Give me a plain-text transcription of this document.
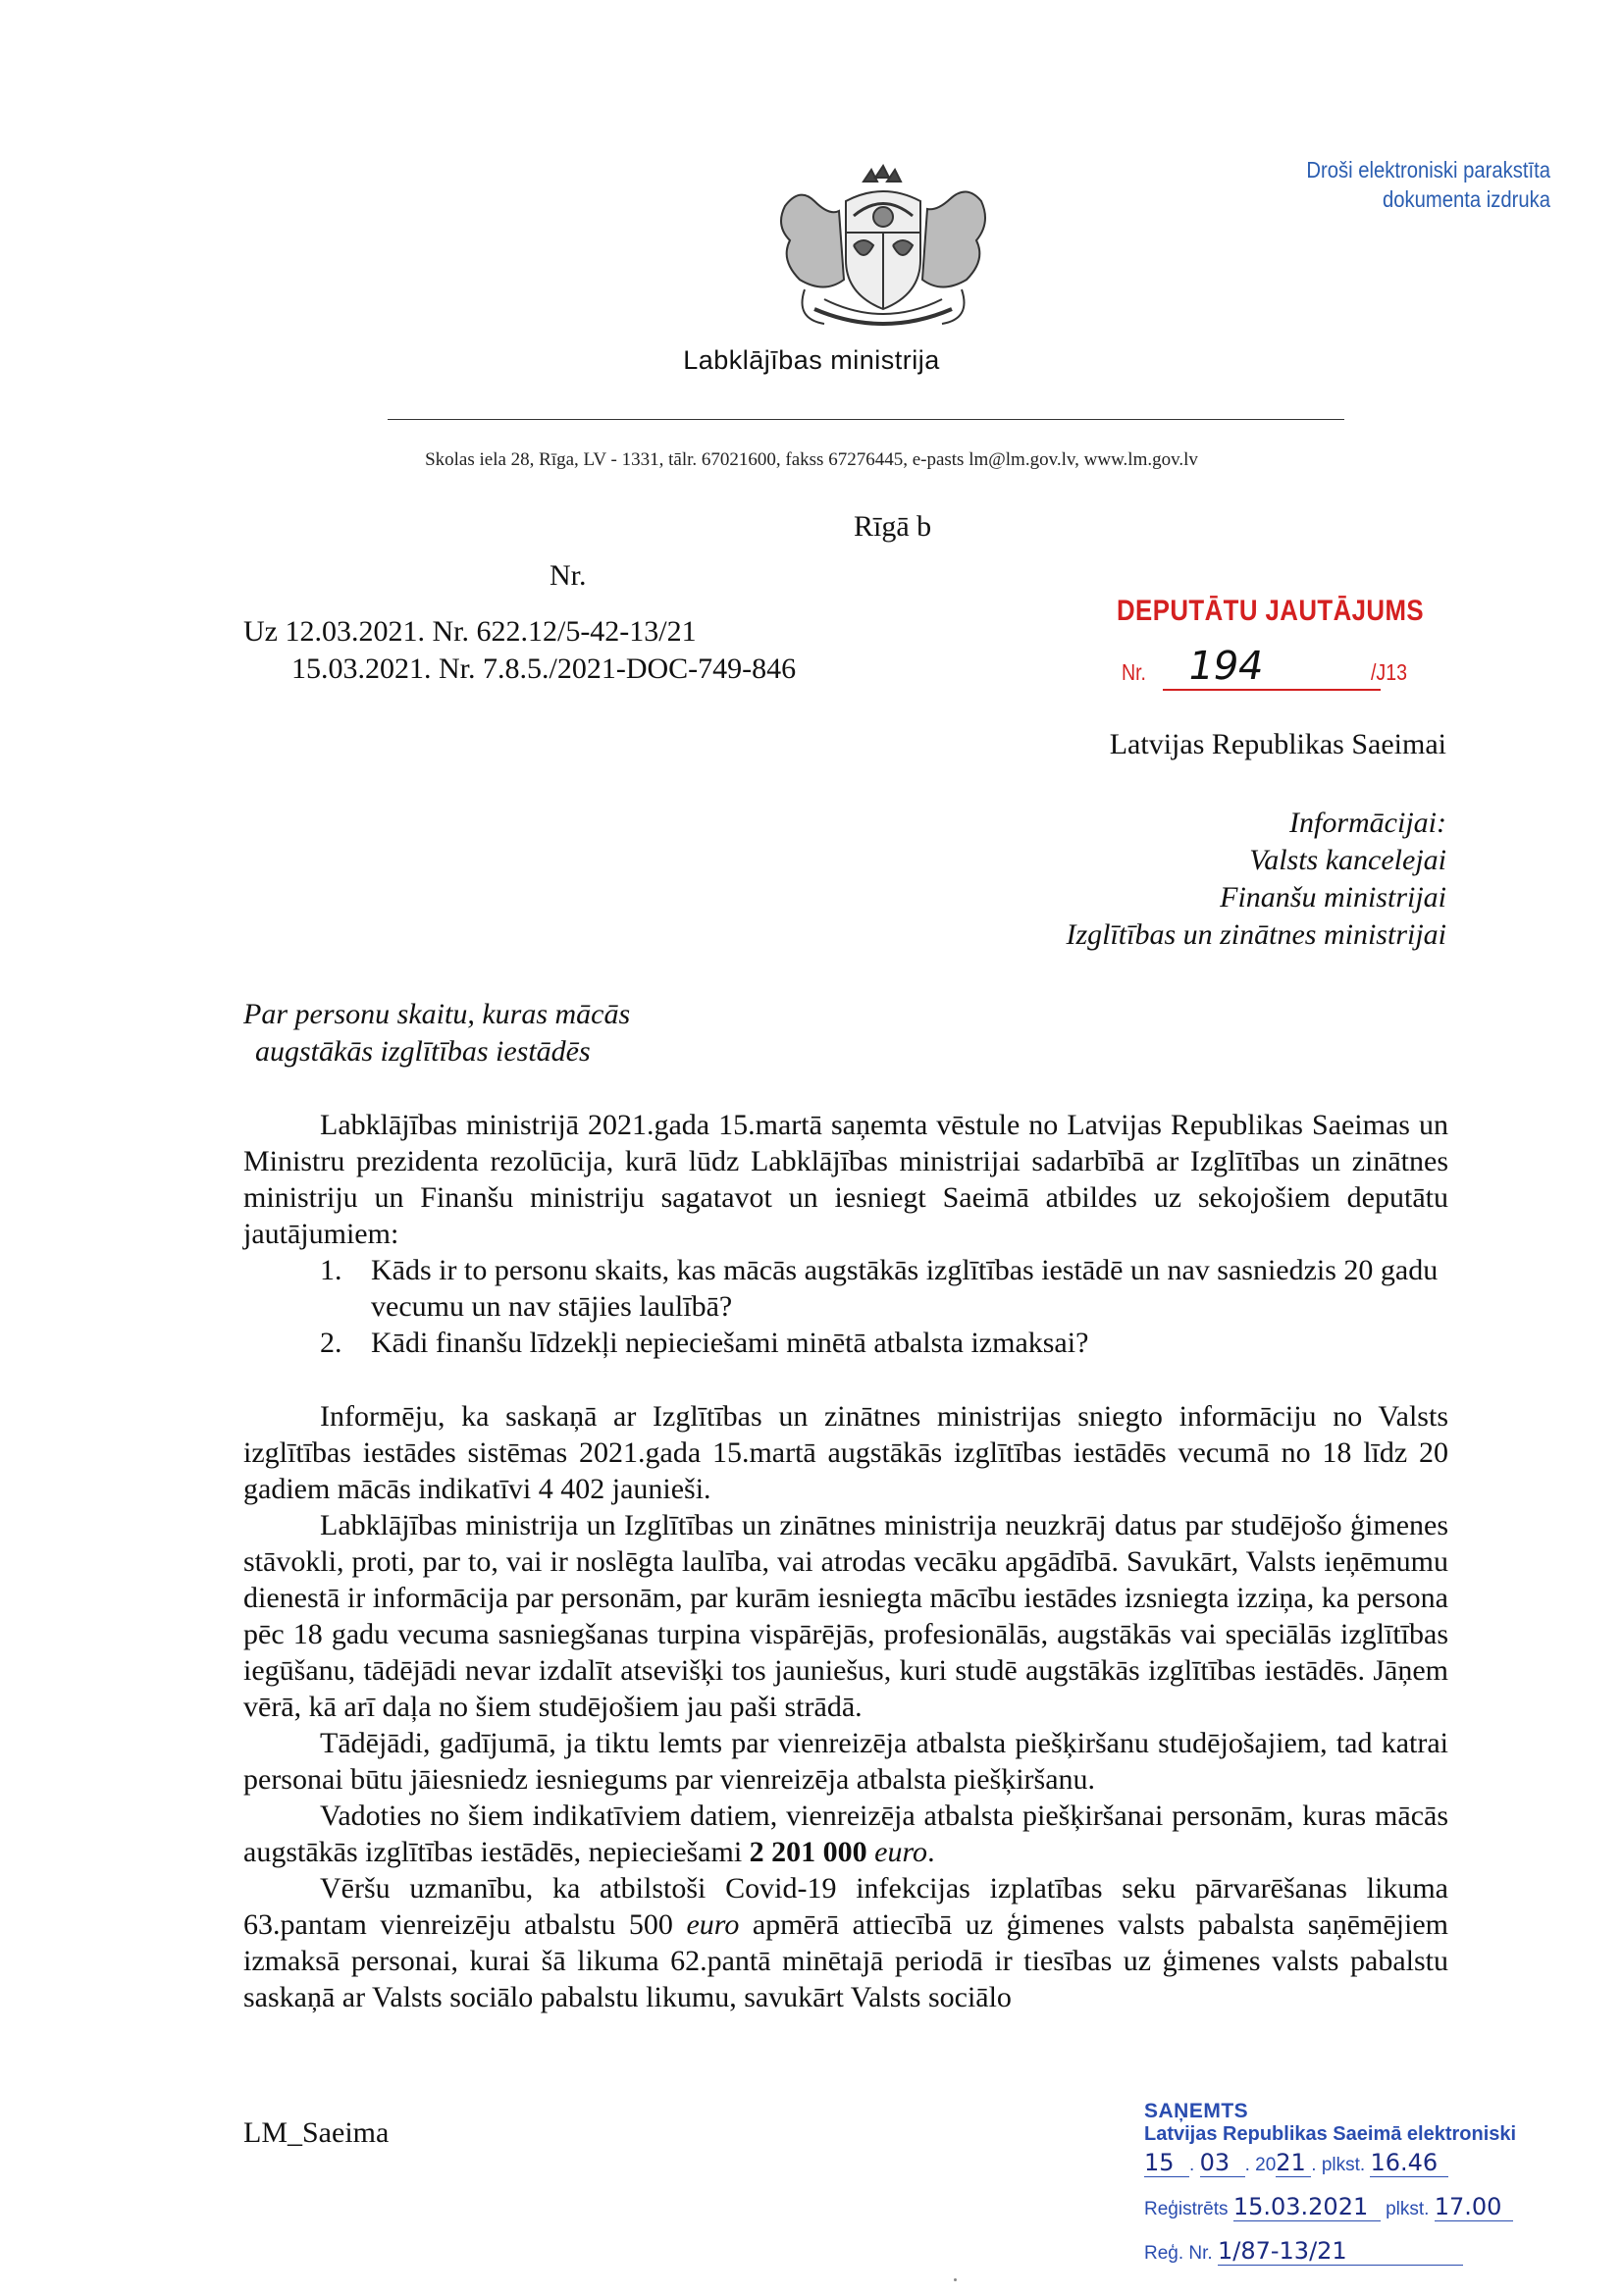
Droši elektroniski parakstīta
dokumenta izdruka
Labklājības ministrija
Skolas iela 28, Rīga, LV - 1331, tālr. 67021600, fakss 67276445, e-pasts lm@lm.gov.lv, www.lm.gov.lv
Rīgā b
Nr.
Uz 12.03.2021. Nr. 622.12/5-42-13/21
15.03.2021. Nr. 7.8.5./2021-DOC-749-846
DEPUTĀTU JAUTĀJUMS
Nr. 194	/J13
Latvijas Republikas Saeimai
Informācijai:
Valsts kancelejai
Finanšu ministrijai
Izglītības un zinātnes ministrijai
Par personu skaitu, kuras mācās
augstākās izglītības iestādēs

Labklājības ministrijā 2021.gada 15.martā saņemta vēstule no Latvijas Republikas Saeimas un Ministru prezidenta rezolūcija, kurā lūdz Labklājības ministrijai sadarbībā ar Izglītības un zinātnes ministriju un Finanšu ministriju sagatavot un iesniegt Saeimā atbildes uz sekojošiem deputātu jautājumiem:

1. Kāds ir to personu skaits, kas mācās augstākās izglītības iestādē un nav sasniedzis 20 gadu vecumu un nav stājies laulībā?
2. Kādi finanšu līdzekļi nepieciešami minētā atbalsta izmaksai?

Informēju, ka saskaņā ar Izglītības un zinātnes ministrijas sniegto informāciju no Valsts izglītības iestādes sistēmas 2021.gada 15.martā augstākās izglītības iestādēs vecumā no 18 līdz 20 gadiem mācās indikatīvi 4 402 jaunieši.

Labklājības ministrija un Izglītības un zinātnes ministrija neuzkrāj datus par studējošo ģimenes stāvokli, proti, par to, vai ir noslēgta laulība, vai atrodas vecāku apgādībā. Savukārt, Valsts ieņēmumu dienestā ir informācija par personām, par kurām iesniegta mācību iestādes izsniegta izziņa, ka persona pēc 18 gadu vecuma sasniegšanas turpina vispārējās, profesionālās, augstākās vai speciālās izglītības iegūšanu, tādējādi nevar izdalīt atsevišķi tos jauniešus, kuri studē augstākās izglītības iestādēs. Jāņem vērā, kā arī daļa no šiem studējošiem jau paši strādā.

Tādējādi, gadījumā, ja tiktu lemts par vienreizēja atbalsta piešķiršanu studējošajiem, tad katrai personai būtu jāiesniedz iesniegums par vienreizēja atbalsta piešķiršanu.

Vadoties no šiem indikatīviem datiem, vienreizēja atbalsta piešķiršanai personām, kuras mācās augstākās izglītības iestādēs, nepieciešami 2 201 000 euro.

Vēršu uzmanību, ka atbilstoši Covid-19 infekcijas izplatības seku pārvarēšanas likuma 63.pantam vienreizēju atbalstu 500 euro apmērā attiecībā uz ģimenes valsts pabalsta saņēmējiem izmaksā personai, kurai šā likuma 62.pantā minētajā periodā ir tiesības uz ģimenes valsts pabalstu saskaņā ar Valsts sociālo pabalstu likumu, savukārt Valsts sociālo

LM_Saeima
SAŅEMTS
Latvijas Republikas Saeimā elektroniski
15 . 03 . 2021 . plkst. 16.46
Reģistrēts 15.03.2021 plkst. 17.00
Reģ. Nr. 1/87-13/21
